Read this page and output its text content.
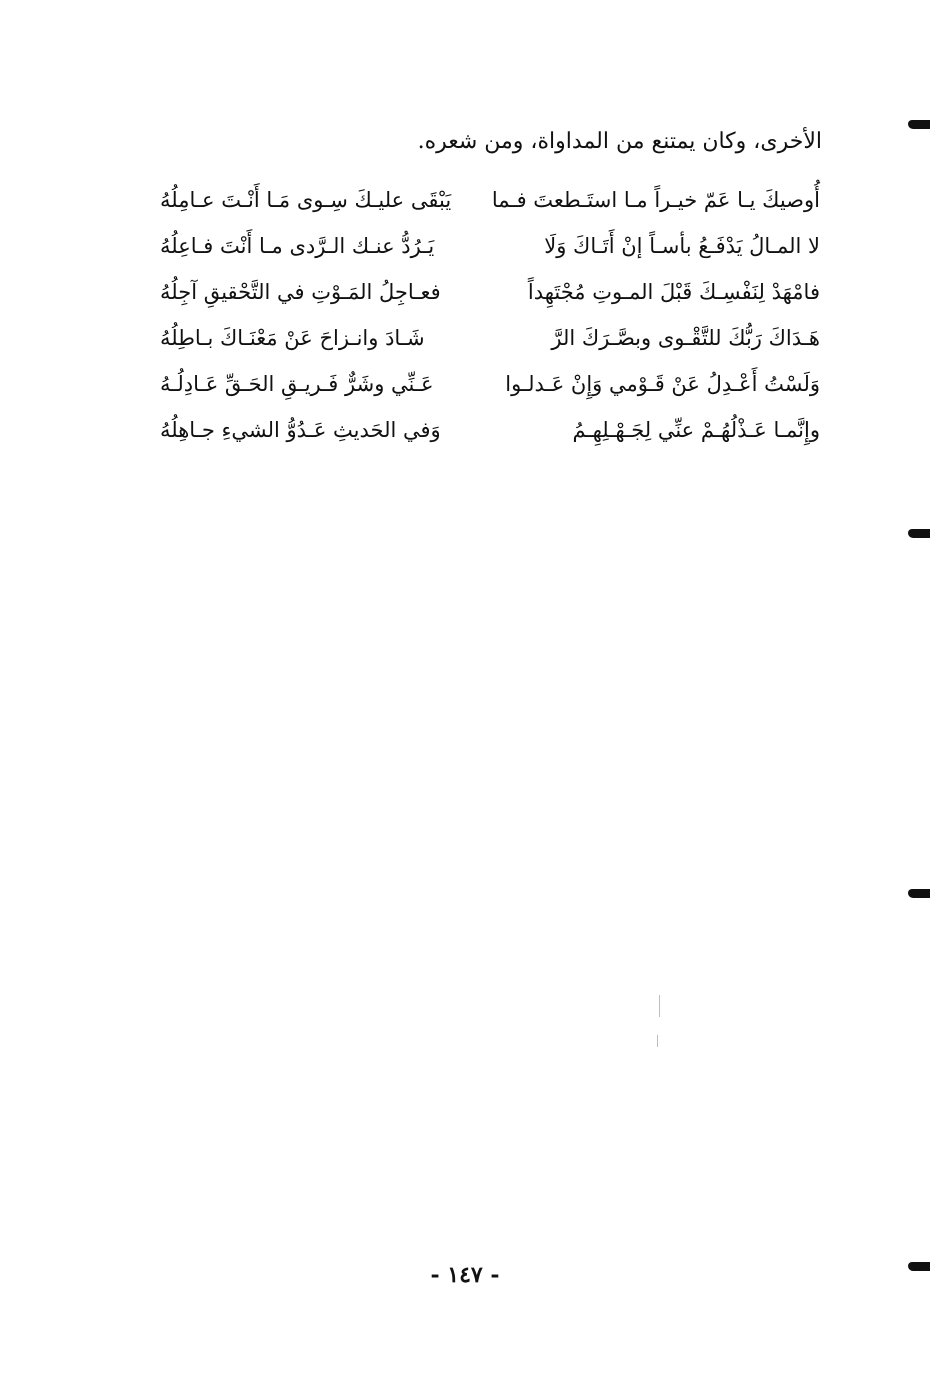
الأخرى، وكان يمتنع من المداواة، ومن شعره.
أُوصيكَ يـا عَمّ خيـراً مـا استَـطعتَ فـما
يَبْقَى عليـكَ سِـوى مَـا أَنْـتَ عـامِلُهُ
لا المـالُ يَدْفَـعُ بأسـاً إنْ أَتَـاكَ وَلَا
يَـرُدُّ عنـك الـرَّدى مـا أَنْتَ فـاعِلُهُ
فامْهَدْ لِنَفْسِـكَ قَبْلَ المـوتِ مُجْتَهِداً
فعـاجِلُ المَـوْتِ في التَّحْقيقِ آجِلُهُ
هَـدَاكَ رَبُّكَ للتَّقْـوى وبصَّـرَكَ الرَّ
شَـادَ وانـزاحَ عَنْ مَعْنَـاكَ بـاطِلُهُ
وَلَسْتُ أَعْـدِلُ عَنْ قَـوْمي وَإِنْ عَـدلـوا
عَـنِّي وشَرٌّ فَـريـقِ الحَـقِّ عَـادِلُـهُ
وإِنَّمـا عَـذْلُهُـمْ عنِّي لِجَـهْـلِهِـمُ
وَفي الحَديثِ عَـدُوُّ الشيءِ جـاهِلُهُ
- ١٤٧ -
